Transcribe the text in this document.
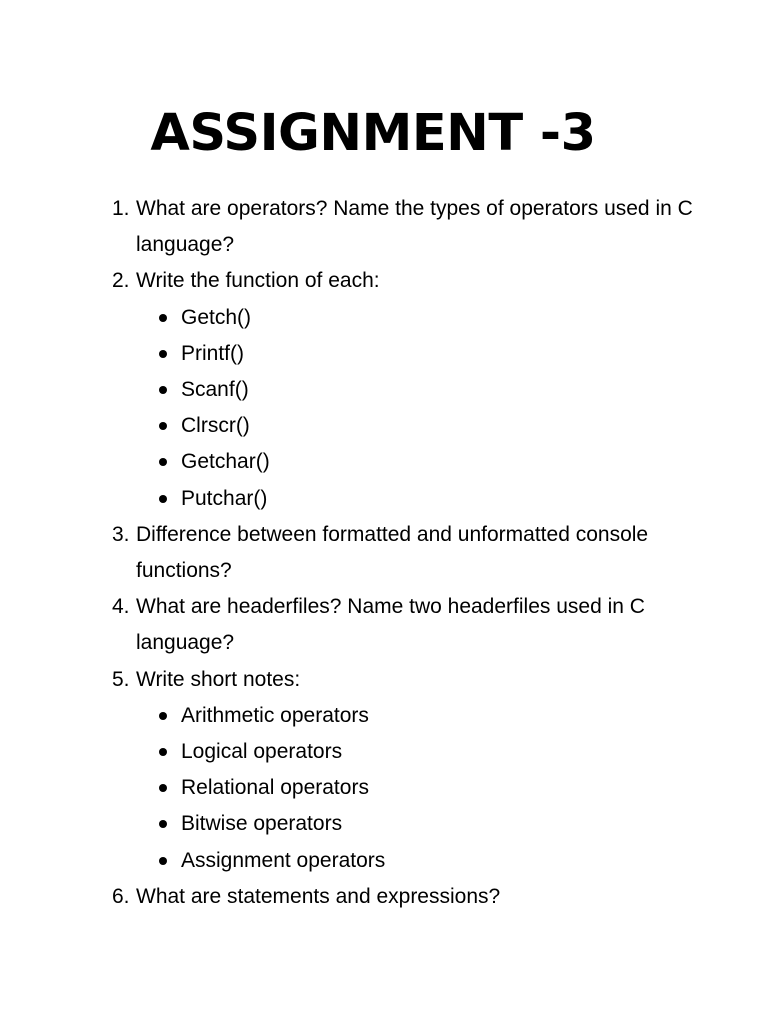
ASSIGNMENT -3
1. What are operators? Name the types of operators used in C language?
2. Write the function of each:
Getch()
Printf()
Scanf()
Clrscr()
Getchar()
Putchar()
3. Difference between formatted and unformatted console functions?
4. What are headerfiles? Name two headerfiles used in C language?
5. Write short notes:
Arithmetic operators
Logical operators
Relational operators
Bitwise operators
Assignment operators
6. What are statements and expressions?
